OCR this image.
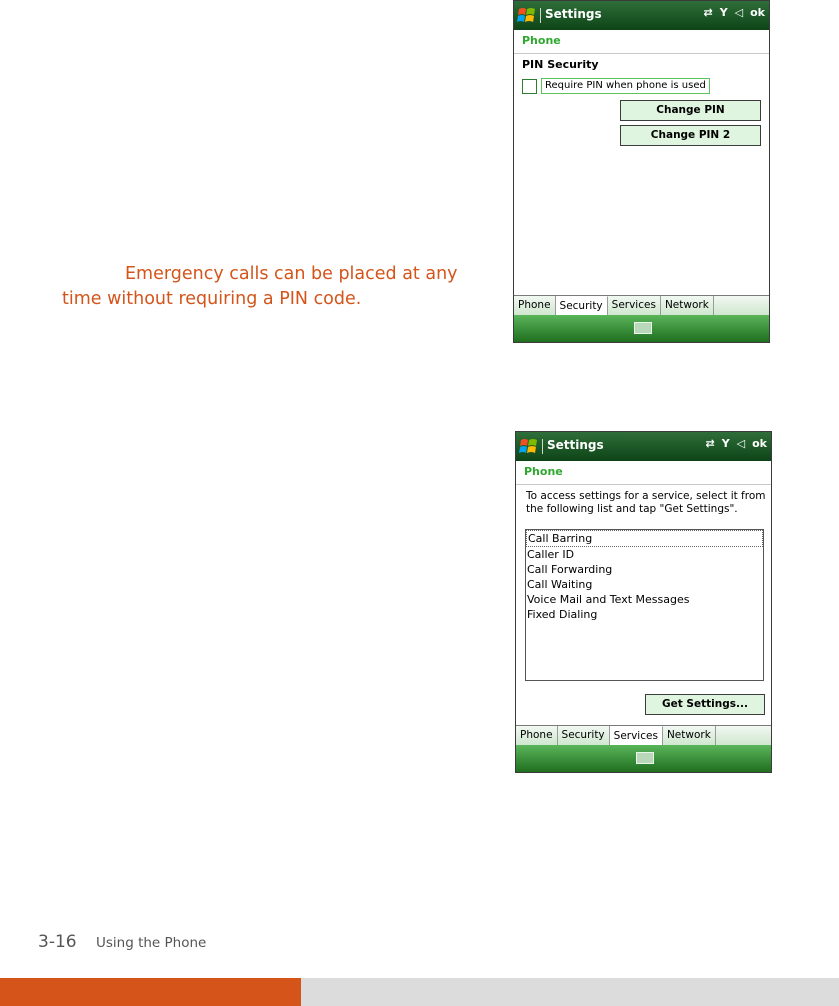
Emergency calls can be placed at any
time without requiring a PIN code.
Settings	⇄ Y ◁ ok
Phone
PIN Security
Require PIN when phone is used
Change PIN
Change PIN 2
Phone Security Services Network
Settings	⇄ Y ◁ ok
Phone
To access settings for a service, select it from the following list and tap "Get Settings".
Call Barring
Caller ID
Call Forwarding
Call Waiting
Voice Mail and Text Messages
Fixed Dialing
Get Settings...
Phone Security Services Network
3-16 Using the Phone
